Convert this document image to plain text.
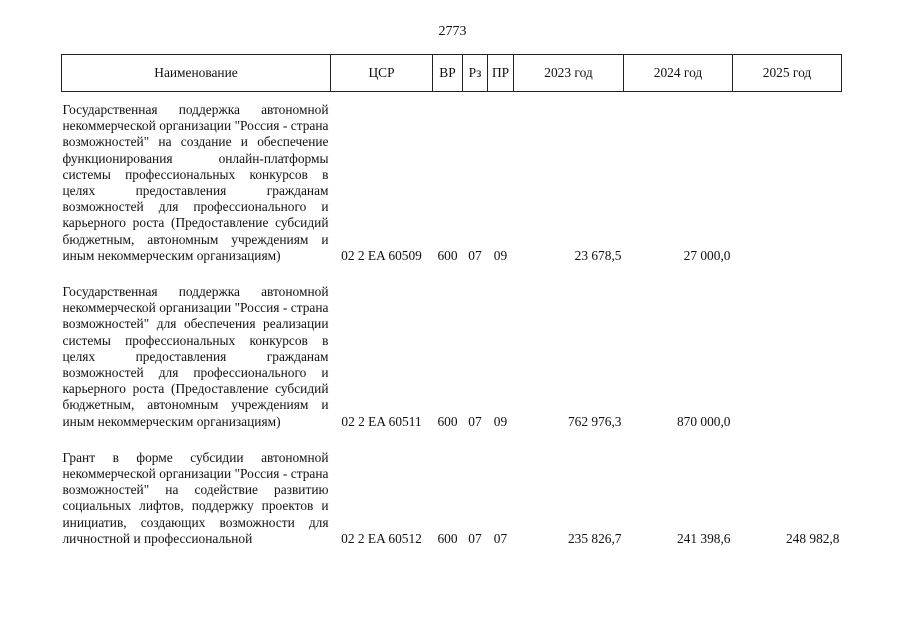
2773
Наименование	ЦСР	ВР	Рз	ПР	2023 год	2024 год	2025 год
Государственная поддержка автономной некоммерческой организации "Россия - страна возможностей" на создание и обеспечение функционирования онлайн-платформы системы профессиональных конкурсов в целях предоставления гражданам возможностей для профессионального и карьерного роста (Предоставление субсидий бюджетным, автономным учреждениям и иным некоммерческим организациям)	02 2 EA 60509	600	07	09	23 678,5	27 000,0	
Государственная поддержка автономной некоммерческой организации "Россия - страна возможностей" для обеспечения реализации системы профессиональных конкурсов в целях предоставления гражданам возможностей для профессионального и карьерного роста (Предоставление субсидий бюджетным, автономным учреждениям и иным некоммерческим организациям)	02 2 EA 60511	600	07	09	762 976,3	870 000,0	
Грант в форме субсидии автономной некоммерческой организации "Россия - страна возможностей" на содействие развитию социальных лифтов, поддержку проектов и инициатив, создающих возможности для личностной и профессиональной	02 2 EA 60512	600	07	07	235 826,7	241 398,6	248 982,8
